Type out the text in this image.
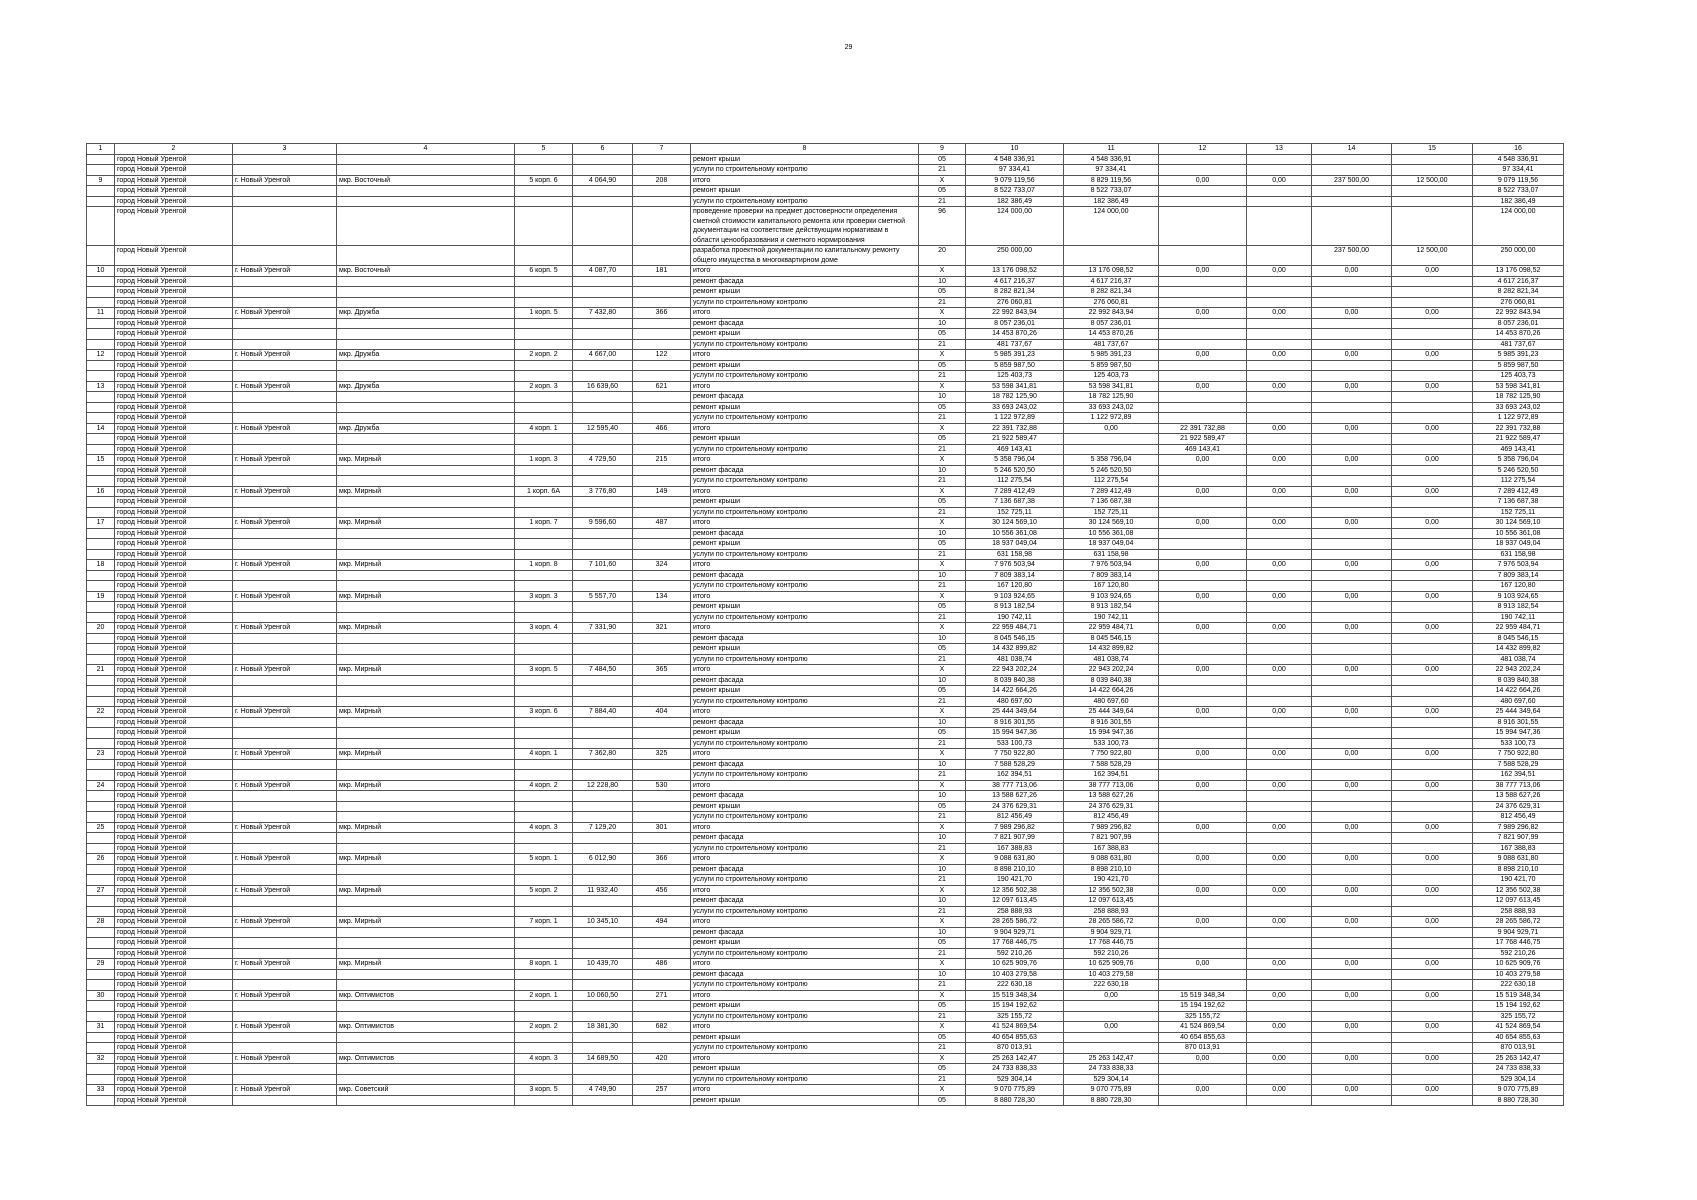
29
1	2	3	4	5	6	7	8	9	10	11	12	13	14	15	16
	город Новый Уренгой						ремонт крыши	05	4 548 336,91	4 548 336,91					4 548 336,91
	город Новый Уренгой						услуги по строительному контролю	21	97 334,41	97 334,41					97 334,41
9	город Новый Уренгой	г. Новый Уренгой	мкр. Восточный	5 корп. 6	4 064,90	208	итого	X	9 079 119,56	8 829 119,56	0,00	0,00	237 500,00	12 500,00	9 079 119,56
	город Новый Уренгой						ремонт крыши	05	8 522 733,07	8 522 733,07					8 522 733,07
	город Новый Уренгой						услуги по строительному контролю	21	182 386,49	182 386,49					182 386,49
	город Новый Уренгой						проведение проверки на предмет достоверности определения сметной стоимости капитального ремонта или проверки сметной документации на соответствие действующим нормативам в области ценообразования и сметного нормирования	96	124 000,00	124 000,00					124 000,00
	город Новый Уренгой						разработка проектной документации по капитальному ремонту общего имущества в многоквартирном доме	20	250 000,00				237 500,00	12 500,00	250 000,00
10	город Новый Уренгой	г. Новый Уренгой	мкр. Восточный	6 корп. 5	4 087,70	181	итого	X	13 176 098,52	13 176 098,52	0,00	0,00	0,00	0,00	13 176 098,52
	город Новый Уренгой						ремонт фасада	10	4 617 216,37	4 617 216,37					4 617 216,37
	город Новый Уренгой						ремонт крыши	05	8 282 821,34	8 282 821,34					8 282 821,34
	город Новый Уренгой						услуги по строительному контролю	21	276 060,81	276 060,81					276 060,81
11	город Новый Уренгой	г. Новый Уренгой	мкр. Дружба	1 корп. 5	7 432,80	366	итого	X	22 992 843,94	22 992 843,94	0,00	0,00	0,00	0,00	22 992 843,94
	город Новый Уренгой						ремонт фасада	10	8 057 236,01	8 057 236,01					8 057 236,01
	город Новый Уренгой						ремонт крыши	05	14 453 870,26	14 453 870,26					14 453 870,26
	город Новый Уренгой						услуги по строительному контролю	21	481 737,67	481 737,67					481 737,67
12	город Новый Уренгой	г. Новый Уренгой	мкр. Дружба	2 корп. 2	4 667,00	122	итого	X	5 985 391,23	5 985 391,23	0,00	0,00	0,00	0,00	5 985 391,23
	город Новый Уренгой						ремонт крыши	05	5 859 987,50	5 859 987,50					5 859 987,50
	город Новый Уренгой						услуги по строительному контролю	21	125 403,73	125 403,73					125 403,73
13	город Новый Уренгой	г. Новый Уренгой	мкр. Дружба	2 корп. 3	16 639,60	621	итого	X	53 598 341,81	53 598 341,81	0,00	0,00	0,00	0,00	53 598 341,81
	город Новый Уренгой						ремонт фасада	10	18 782 125,90	18 782 125,90					18 782 125,90
	город Новый Уренгой						ремонт крыши	05	33 693 243,02	33 693 243,02					33 693 243,02
	город Новый Уренгой						услуги по строительному контролю	21	1 122 972,89	1 122 972,89					1 122 972,89
14	город Новый Уренгой	г. Новый Уренгой	мкр. Дружба	4 корп. 1	12 595,40	466	итого	X	22 391 732,88	0,00	22 391 732,88	0,00	0,00	0,00	22 391 732,88
	город Новый Уренгой						ремонт крыши	05	21 922 589,47		21 922 589,47				21 922 589,47
	город Новый Уренгой						услуги по строительному контролю	21	469 143,41		469 143,41				469 143,41
15	город Новый Уренгой	г. Новый Уренгой	мкр. Мирный	1 корп. 3	4 729,50	215	итого	X	5 358 796,04	5 358 796,04	0,00	0,00	0,00	0,00	5 358 796,04
	город Новый Уренгой						ремонт фасада	10	5 246 520,50	5 246 520,50					5 246 520,50
	город Новый Уренгой						услуги по строительному контролю	21	112 275,54	112 275,54					112 275,54
16	город Новый Уренгой	г. Новый Уренгой	мкр. Мирный	1 корп. 6А	3 776,80	149	итого	X	7 289 412,49	7 289 412,49	0,00	0,00	0,00	0,00	7 289 412,49
	город Новый Уренгой						ремонт крыши	05	7 136 687,38	7 136 687,38					7 136 687,38
	город Новый Уренгой						услуги по строительному контролю	21	152 725,11	152 725,11					152 725,11
17	город Новый Уренгой	г. Новый Уренгой	мкр. Мирный	1 корп. 7	9 596,60	487	итого	X	30 124 569,10	30 124 569,10	0,00	0,00	0,00	0,00	30 124 569,10
	город Новый Уренгой						ремонт фасада	10	10 556 361,08	10 556 361,08					10 556 361,08
	город Новый Уренгой						ремонт крыши	05	18 937 049,04	18 937 049,04					18 937 049,04
	город Новый Уренгой						услуги по строительному контролю	21	631 158,98	631 158,98					631 158,98
18	город Новый Уренгой	г. Новый Уренгой	мкр. Мирный	1 корп. 8	7 101,60	324	итого	X	7 976 503,94	7 976 503,94	0,00	0,00	0,00	0,00	7 976 503,94
	город Новый Уренгой						ремонт фасада	10	7 809 383,14	7 809 383,14					7 809 383,14
	город Новый Уренгой						услуги по строительному контролю	21	167 120,80	167 120,80					167 120,80
19	город Новый Уренгой	г. Новый Уренгой	мкр. Мирный	3 корп. 3	5 557,70	134	итого	X	9 103 924,65	9 103 924,65	0,00	0,00	0,00	0,00	9 103 924,65
	город Новый Уренгой						ремонт крыши	05	8 913 182,54	8 913 182,54					8 913 182,54
	город Новый Уренгой						услуги по строительному контролю	21	190 742,11	190 742,11					190 742,11
20	город Новый Уренгой	г. Новый Уренгой	мкр. Мирный	3 корп. 4	7 331,90	321	итого	X	22 959 484,71	22 959 484,71	0,00	0,00	0,00	0,00	22 959 484,71
	город Новый Уренгой						ремонт фасада	10	8 045 546,15	8 045 546,15					8 045 546,15
	город Новый Уренгой						ремонт крыши	05	14 432 899,82	14 432 899,82					14 432 899,82
	город Новый Уренгой						услуги по строительному контролю	21	481 038,74	481 038,74					481 038,74
21	город Новый Уренгой	г. Новый Уренгой	мкр. Мирный	3 корп. 5	7 484,50	365	итого	X	22 943 202,24	22 943 202,24	0,00	0,00	0,00	0,00	22 943 202,24
	город Новый Уренгой						ремонт фасада	10	8 039 840,38	8 039 840,38					8 039 840,38
	город Новый Уренгой						ремонт крыши	05	14 422 664,26	14 422 664,26					14 422 664,26
	город Новый Уренгой						услуги по строительному контролю	21	480 697,60	480 697,60					480 697,60
22	город Новый Уренгой	г. Новый Уренгой	мкр. Мирный	3 корп. 6	7 884,40	404	итого	X	25 444 349,64	25 444 349,64	0,00	0,00	0,00	0,00	25 444 349,64
	город Новый Уренгой						ремонт фасада	10	8 916 301,55	8 916 301,55					8 916 301,55
	город Новый Уренгой						ремонт крыши	05	15 994 947,36	15 994 947,36					15 994 947,36
	город Новый Уренгой						услуги по строительному контролю	21	533 100,73	533 100,73					533 100,73
23	город Новый Уренгой	г. Новый Уренгой	мкр. Мирный	4 корп. 1	7 362,80	325	итого	X	7 750 922,80	7 750 922,80	0,00	0,00	0,00	0,00	7 750 922,80
	город Новый Уренгой						ремонт фасада	10	7 588 528,29	7 588 528,29					7 588 528,29
	город Новый Уренгой						услуги по строительному контролю	21	162 394,51	162 394,51					162 394,51
24	город Новый Уренгой	г. Новый Уренгой	мкр. Мирный	4 корп. 2	12 228,80	530	итого	X	38 777 713,06	38 777 713,06	0,00	0,00	0,00	0,00	38 777 713,06
	город Новый Уренгой						ремонт фасада	10	13 588 627,26	13 588 627,26					13 588 627,26
	город Новый Уренгой						ремонт крыши	05	24 376 629,31	24 376 629,31					24 376 629,31
	город Новый Уренгой						услуги по строительному контролю	21	812 456,49	812 456,49					812 456,49
25	город Новый Уренгой	г. Новый Уренгой	мкр. Мирный	4 корп. 3	7 129,20	301	итого	X	7 989 296,82	7 989 296,82	0,00	0,00	0,00	0,00	7 989 296,82
	город Новый Уренгой						ремонт фасада	10	7 821 907,99	7 821 907,99					7 821 907,99
	город Новый Уренгой						услуги по строительному контролю	21	167 388,83	167 388,83					167 388,83
26	город Новый Уренгой	г. Новый Уренгой	мкр. Мирный	5 корп. 1	6 012,90	366	итого	X	9 088 631,80	9 088 631,80	0,00	0,00	0,00	0,00	9 088 631,80
	город Новый Уренгой						ремонт фасада	10	8 898 210,10	8 898 210,10					8 898 210,10
	город Новый Уренгой						услуги по строительному контролю	21	190 421,70	190 421,70					190 421,70
27	город Новый Уренгой	г. Новый Уренгой	мкр. Мирный	5 корп. 2	11 932,40	456	итого	X	12 356 502,38	12 356 502,38	0,00	0,00	0,00	0,00	12 356 502,38
	город Новый Уренгой						ремонт фасада	10	12 097 613,45	12 097 613,45					12 097 613,45
	город Новый Уренгой						услуги по строительному контролю	21	258 888,93	258 888,93					258 888,93
28	город Новый Уренгой	г. Новый Уренгой	мкр. Мирный	7 корп. 1	10 345,10	494	итого	X	28 265 586,72	28 265 586,72	0,00	0,00	0,00	0,00	28 265 586,72
	город Новый Уренгой						ремонт фасада	10	9 904 929,71	9 904 929,71					9 904 929,71
	город Новый Уренгой						ремонт крыши	05	17 768 446,75	17 768 446,75					17 768 446,75
	город Новый Уренгой						услуги по строительному контролю	21	592 210,26	592 210,26					592 210,26
29	город Новый Уренгой	г. Новый Уренгой	мкр. Мирный	8 корп. 1	10 439,70	486	итого	X	10 625 909,76	10 625 909,76	0,00	0,00	0,00	0,00	10 625 909,76
	город Новый Уренгой						ремонт фасада	10	10 403 279,58	10 403 279,58					10 403 279,58
	город Новый Уренгой						услуги по строительному контролю	21	222 630,18	222 630,18					222 630,18
30	город Новый Уренгой	г. Новый Уренгой	мкр. Оптимистов	2 корп. 1	10 060,50	271	итого	X	15 519 348,34	0,00	15 519 348,34	0,00	0,00	0,00	15 519 348,34
	город Новый Уренгой						ремонт крыши	05	15 194 192,62		15 194 192,62				15 194 192,62
	город Новый Уренгой						услуги по строительному контролю	21	325 155,72		325 155,72				325 155,72
31	город Новый Уренгой	г. Новый Уренгой	мкр. Оптимистов	2 корп. 2	18 381,30	682	итого	X	41 524 869,54	0,00	41 524 869,54	0,00	0,00	0,00	41 524 869,54
	город Новый Уренгой						ремонт крыши	05	40 654 855,63		40 654 855,63				40 654 855,63
	город Новый Уренгой						услуги по строительному контролю	21	870 013,91		870 013,91				870 013,91
32	город Новый Уренгой	г. Новый Уренгой	мкр. Оптимистов	4 корп. 3	14 689,50	420	итого	X	25 263 142,47	25 263 142,47	0,00	0,00	0,00	0,00	25 263 142,47
	город Новый Уренгой						ремонт крыши	05	24 733 838,33	24 733 838,33					24 733 838,33
	город Новый Уренгой						услуги по строительному контролю	21	529 304,14	529 304,14					529 304,14
33	город Новый Уренгой	г. Новый Уренгой	мкр. Советский	3 корп. 5	4 749,90	257	итого	X	9 070 775,89	9 070 775,89	0,00	0,00	0,00	0,00	9 070 775,89
	город Новый Уренгой						ремонт крыши	05	8 880 728,30	8 880 728,30					8 880 728,30
